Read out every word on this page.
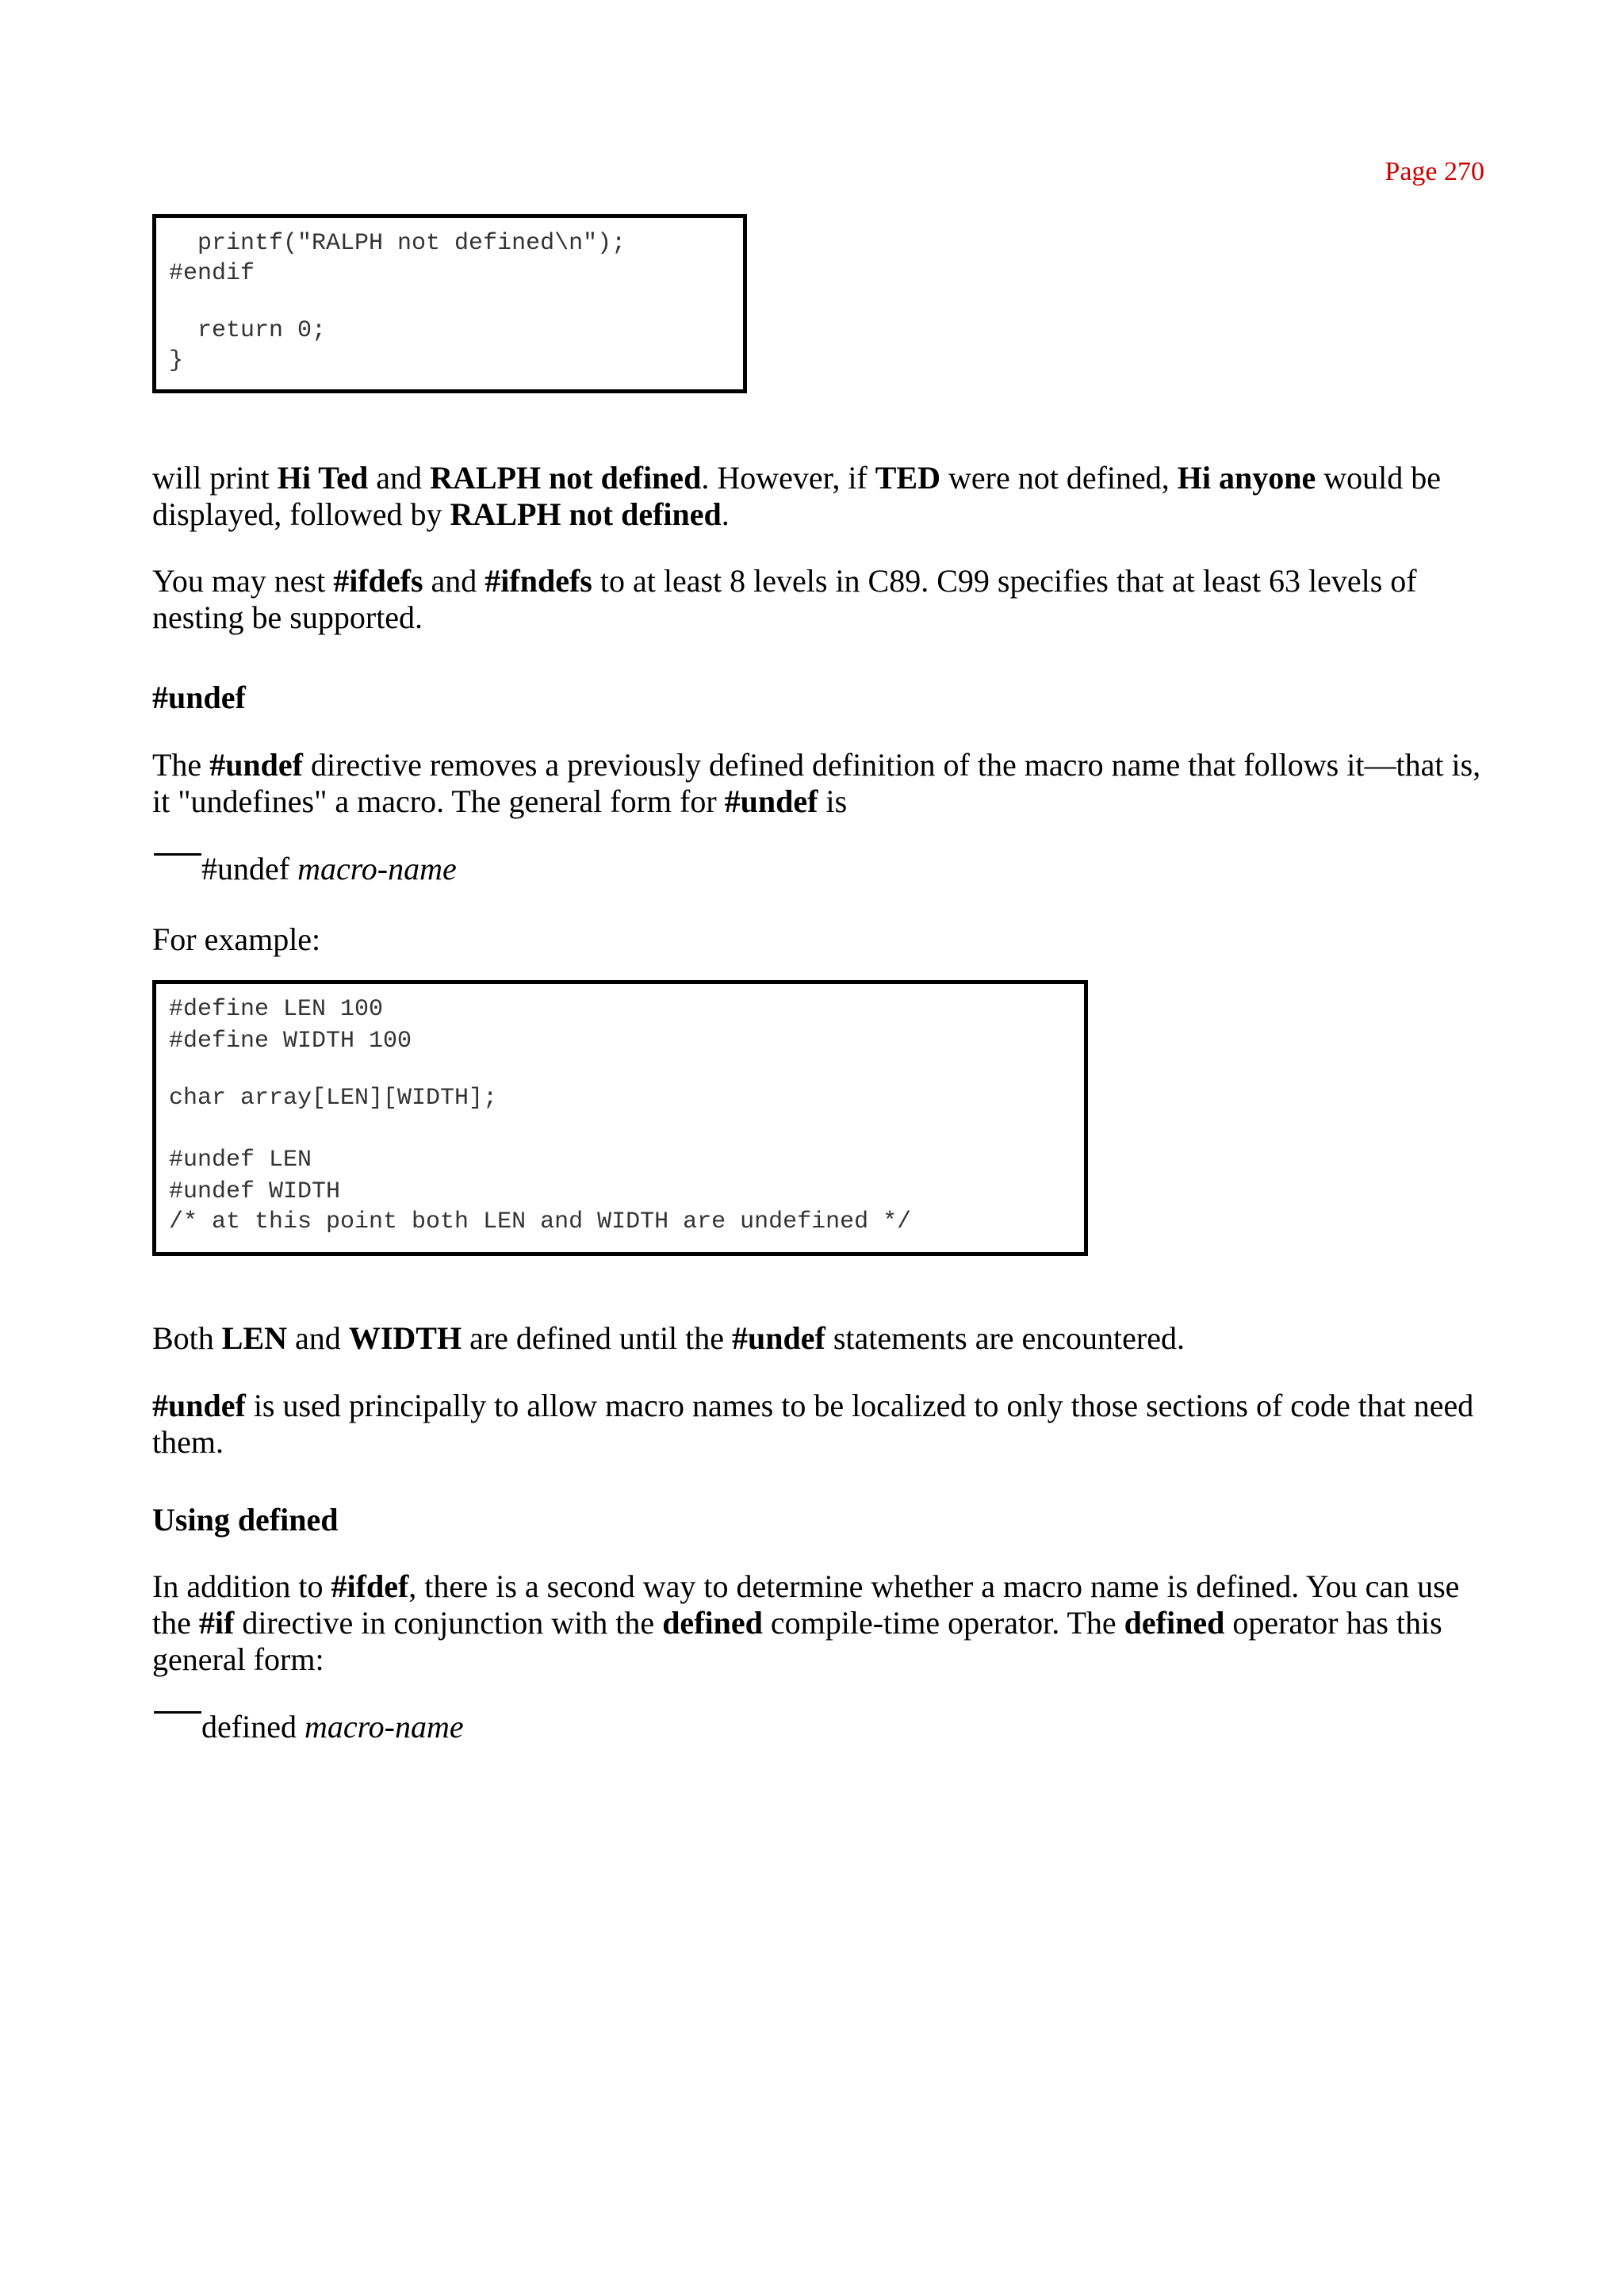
Page 270
printf("RALPH not defined\n");
#endif
return 0;
}
will print Hi Ted and RALPH not defined. However, if TED were not defined, Hi anyone would be displayed, followed by RALPH not defined.
You may nest #ifdefs and #ifndefs to at least 8 levels in C89. C99 specifies that at least 63 levels of nesting be supported.
#undef
The #undef directive removes a previously defined definition of the macro name that follows it—that is, it "undefines" a macro. The general form for #undef is
#undef macro-name
For example:
#define LEN 100
#define WIDTH 100
char array[LEN][WIDTH];
#undef LEN
#undef WIDTH
/* at this point both LEN and WIDTH are undefined */
Both LEN and WIDTH are defined until the #undef statements are encountered.
#undef is used principally to allow macro names to be localized to only those sections of code that need them.
Using defined
In addition to #ifdef, there is a second way to determine whether a macro name is defined. You can use the #if directive in conjunction with the defined compile-time operator. The defined operator has this general form:
defined macro-name
